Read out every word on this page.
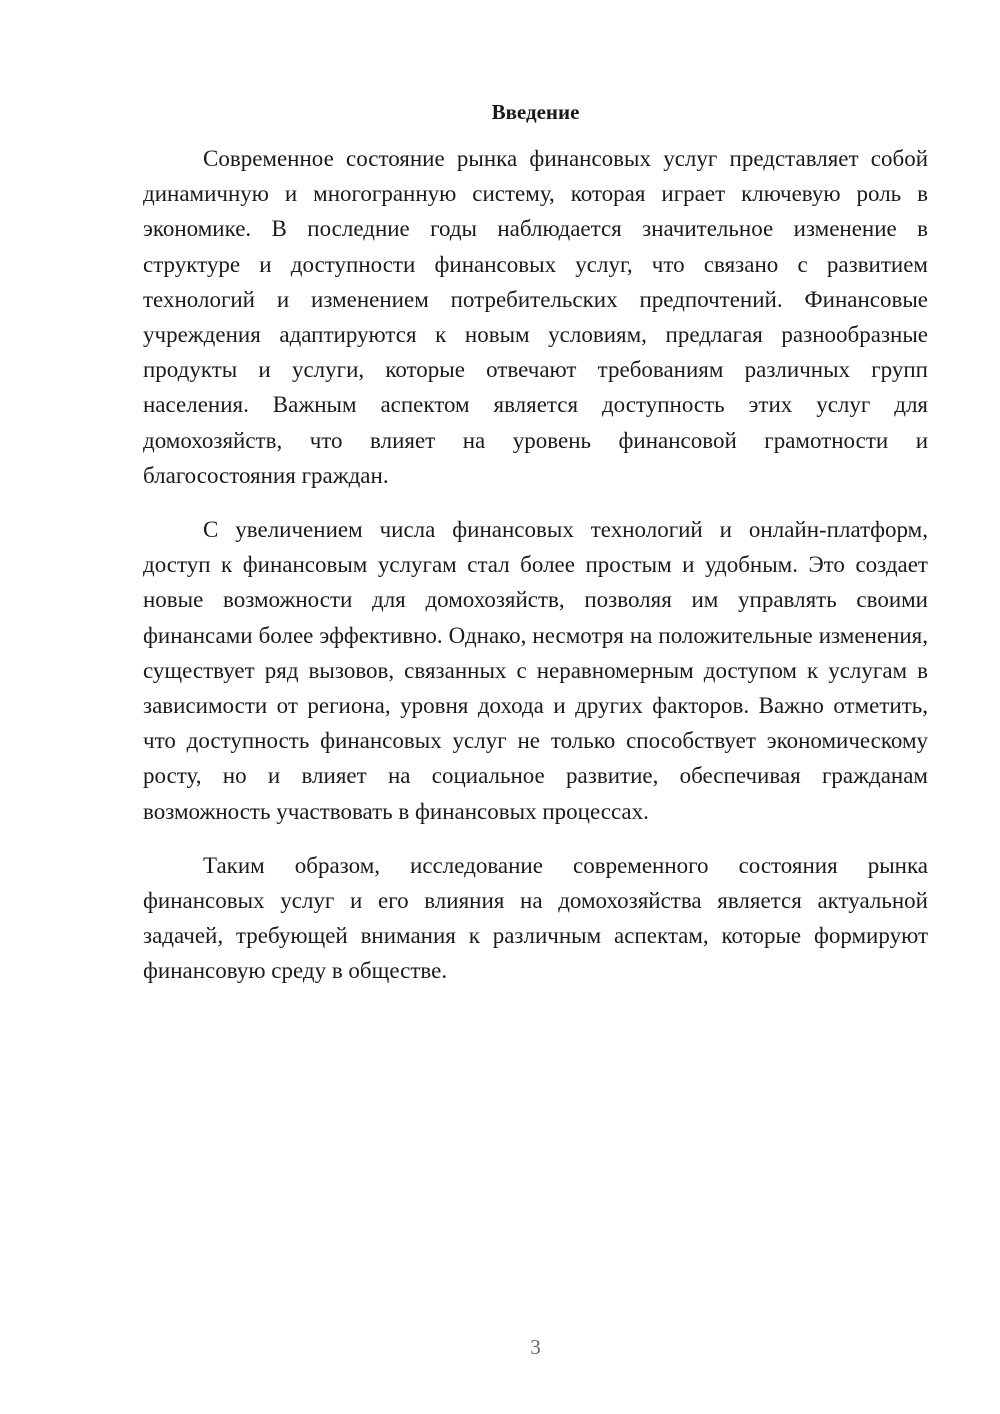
Введение

Современное состояние рынка финансовых услуг представляет собой динамичную и многогранную систему, которая играет ключевую роль в экономике. В последние годы наблюдается значительное изменение в структуре и доступности финансовых услуг, что связано с развитием технологий и изменением потребительских предпочтений. Финансовые учреждения адаптируются к новым условиям, предлагая разнообразные продукты и услуги, которые отвечают требованиям различных групп населения. Важным аспектом является доступность этих услуг для домохозяйств, что влияет на уровень финансовой грамотности и благосостояния граждан.

С увеличением числа финансовых технологий и онлайн-платформ, доступ к финансовым услугам стал более простым и удобным. Это создает новые возможности для домохозяйств, позволяя им управлять своими финансами более эффективно. Однако, несмотря на положительные изменения, существует ряд вызовов, связанных с неравномерным доступом к услугам в зависимости от региона, уровня дохода и других факторов. Важно отметить, что доступность финансовых услуг не только способствует экономическому росту, но и влияет на социальное развитие, обеспечивая гражданам возможность участвовать в финансовых процессах.

Таким образом, исследование современного состояния рынка финансовых услуг и его влияния на домохозяйства является актуальной задачей, требующей внимания к различным аспектам, которые формируют финансовую среду в обществе.

3
